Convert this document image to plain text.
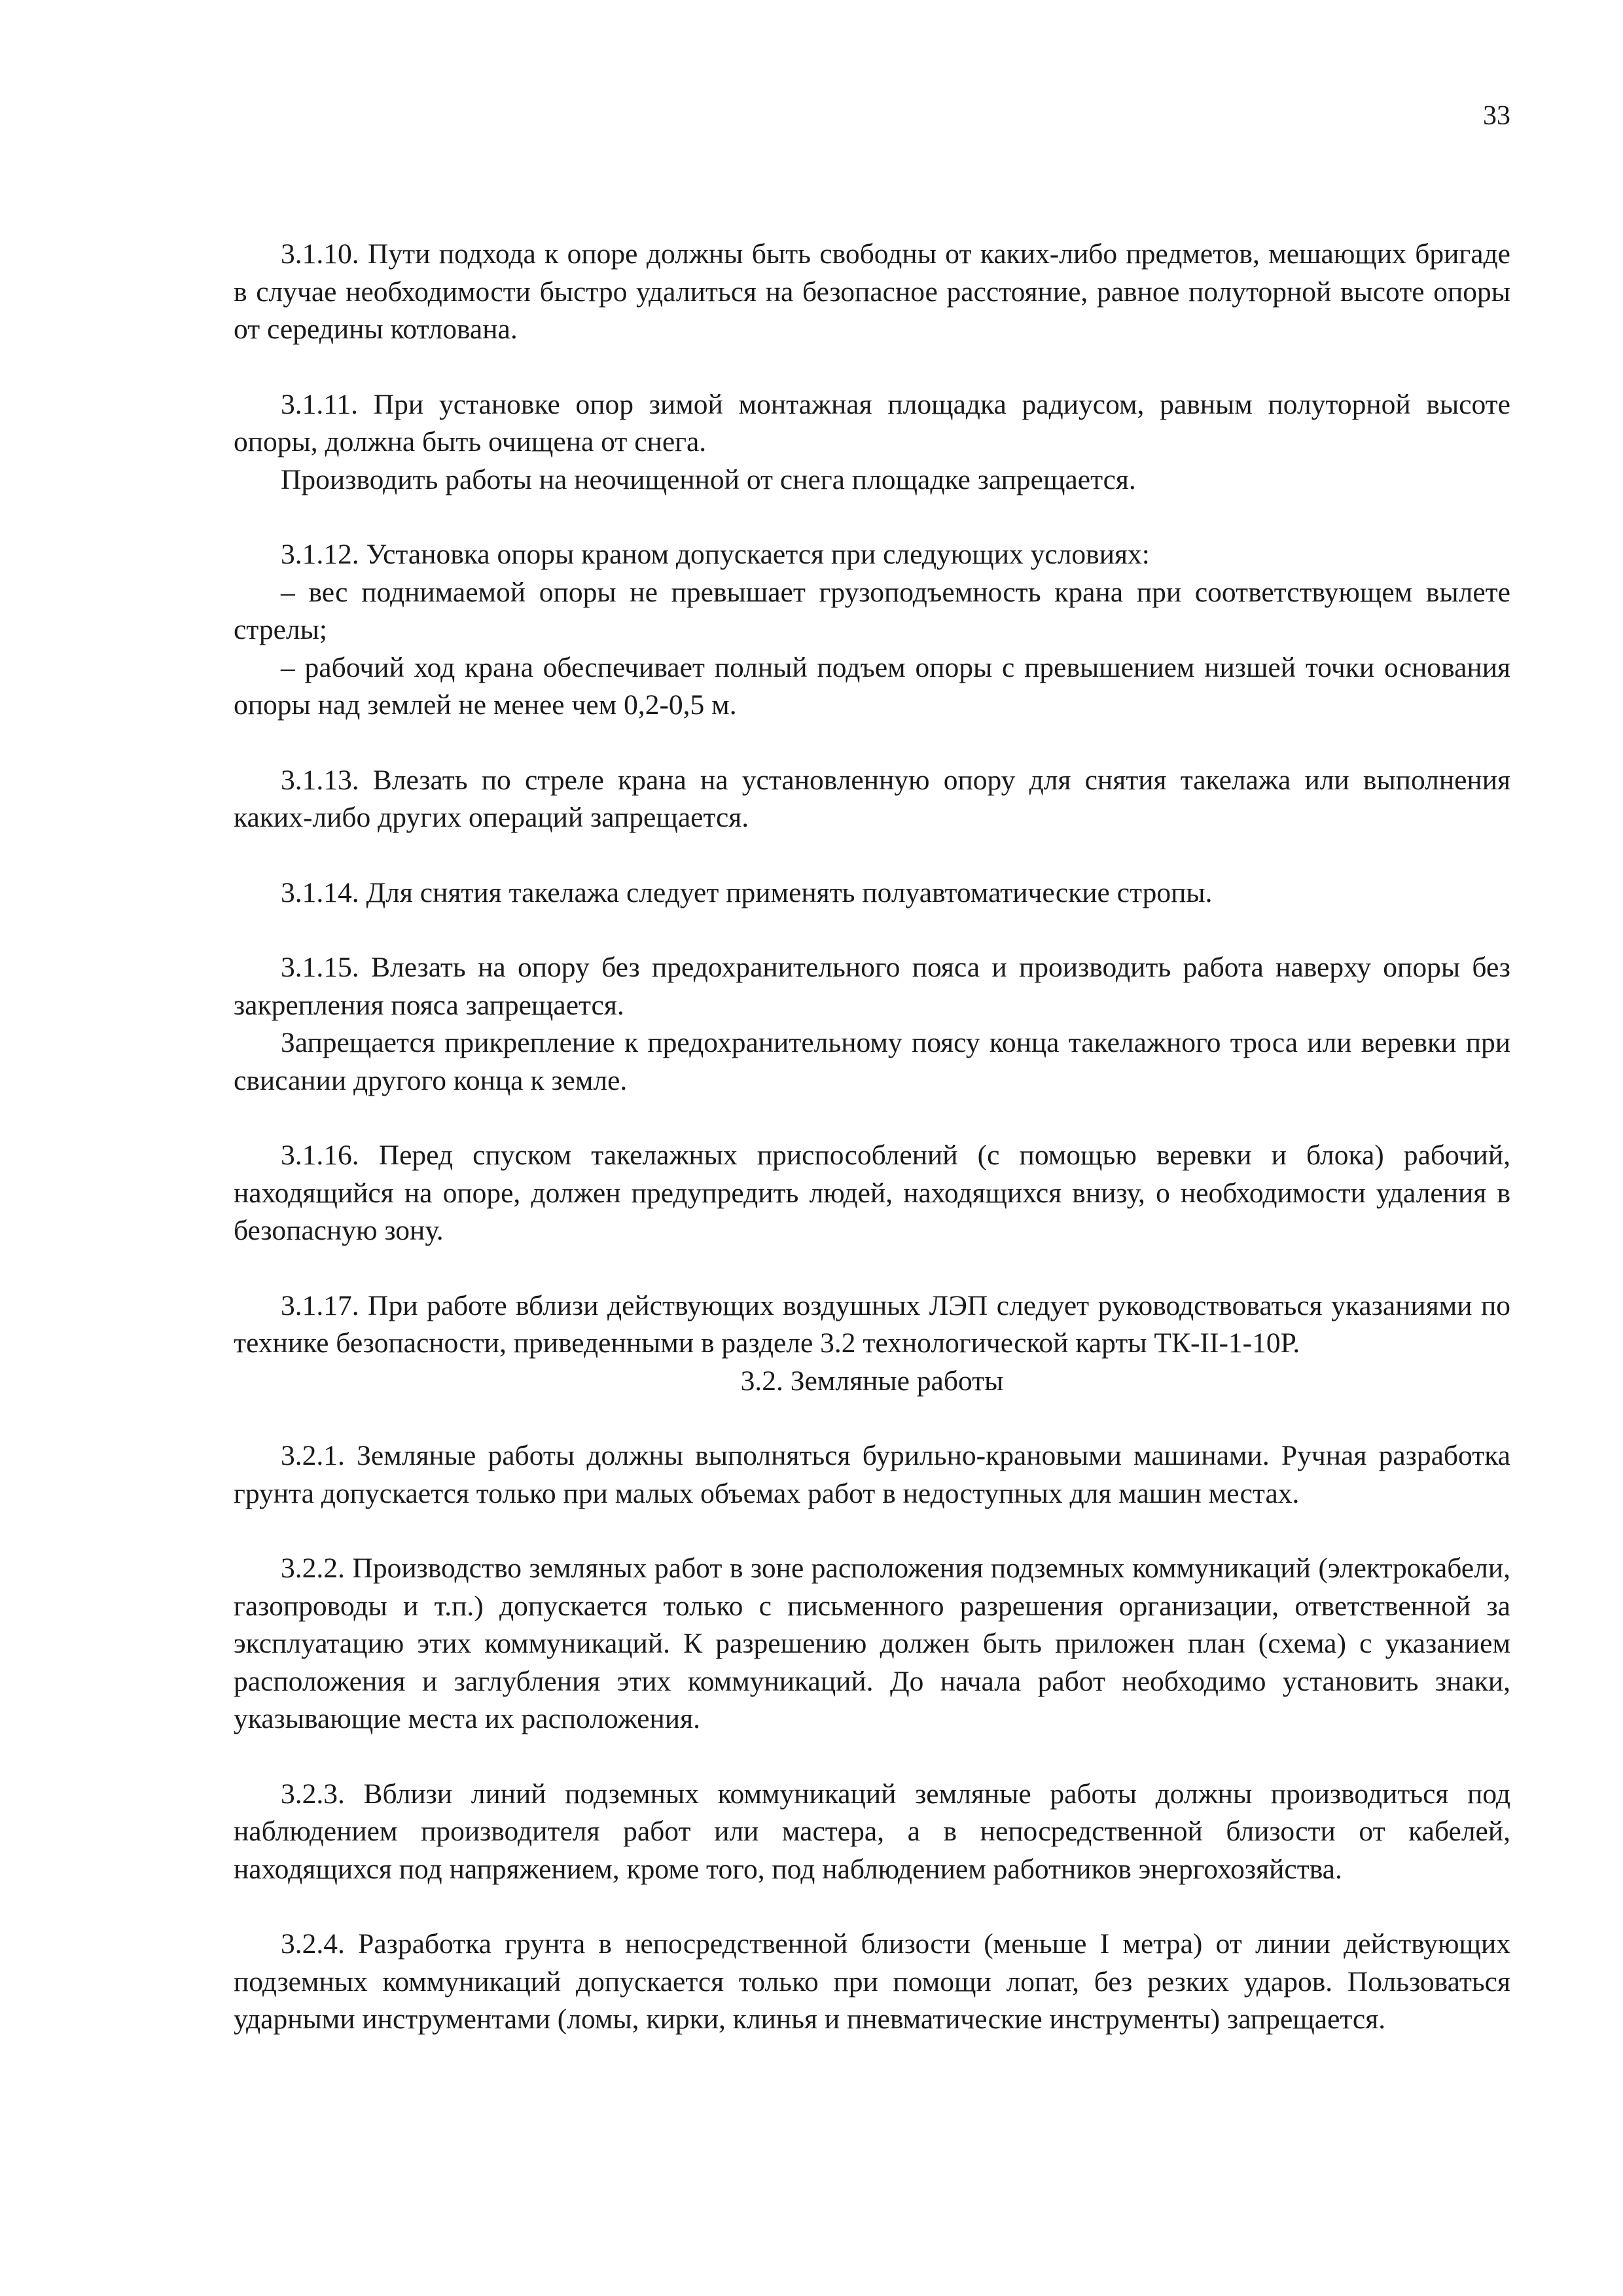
33

3.1.10. Пути подхода к опоре должны быть свободны от каких-либо предметов, мешающих бригаде в случае необходимости быстро удалиться на безопасное расстояние, равное полуторной высоте опоры от середины котлована.

3.1.11. При установке опор зимой монтажная площадка радиусом, равным полуторной высоте опоры, должна быть очищена от снега.

Производить работы на неочищенной от снега площадке запрещается.

3.1.12. Установка опоры краном допускается при следующих условиях:

– вес поднимаемой опоры не превышает грузоподъемность крана при соответствующем вылете стрелы;

– рабочий ход крана обеспечивает полный подъем опоры с превышением низшей точки основания опоры над землей не менее чем 0,2-0,5 м.

3.1.13. Влезать по стреле крана на установленную опору для снятия такелажа или выполнения каких-либо других операций запрещается.

3.1.14. Для снятия такелажа следует применять полуавтоматические стропы.

3.1.15. Влезать на опору без предохранительного пояса и производить работа наверху опоры без закрепления пояса запрещается.

Запрещается прикрепление к предохранительному поясу конца такелажного троса или веревки при свисании другого конца к земле.

3.1.16. Перед спуском такелажных приспособлений (с помощью веревки и блока) рабочий, находящийся на опоре, должен предупредить людей, находящихся внизу, о необходимости удаления в безопасную зону.

3.1.17. При работе вблизи действующих воздушных ЛЭП следует руководствоваться указаниями по технике безопасности, приведенными в разделе 3.2 технологической карты ТК-II-1-10Р.

3.2. Земляные работы

3.2.1. Земляные работы должны выполняться бурильно-крановыми машинами. Ручная разработка грунта допускается только при малых объемах работ в недоступных для машин местах.

3.2.2. Производство земляных работ в зоне расположения подземных коммуникаций (электрокабели, газопроводы и т.п.) допускается только с письменного разрешения организации, ответственной за эксплуатацию этих коммуникаций. К разрешению должен быть приложен план (схема) с указанием расположения и заглубления этих коммуникаций. До начала работ необходимо установить знаки, указывающие места их расположения.

3.2.3. Вблизи линий подземных коммуникаций земляные работы должны производиться под наблюдением производителя работ или мастера, а в непосредственной близости от кабелей, находящихся под напряжением, кроме того, под наблюдением работников энергохозяйства.

3.2.4. Разработка грунта в непосредственной близости (меньше I метра) от линии действующих подземных коммуникаций допускается только при помощи лопат, без резких ударов. Пользоваться ударными инструментами (ломы, кирки, клинья и пневматические инструменты) запрещается.
